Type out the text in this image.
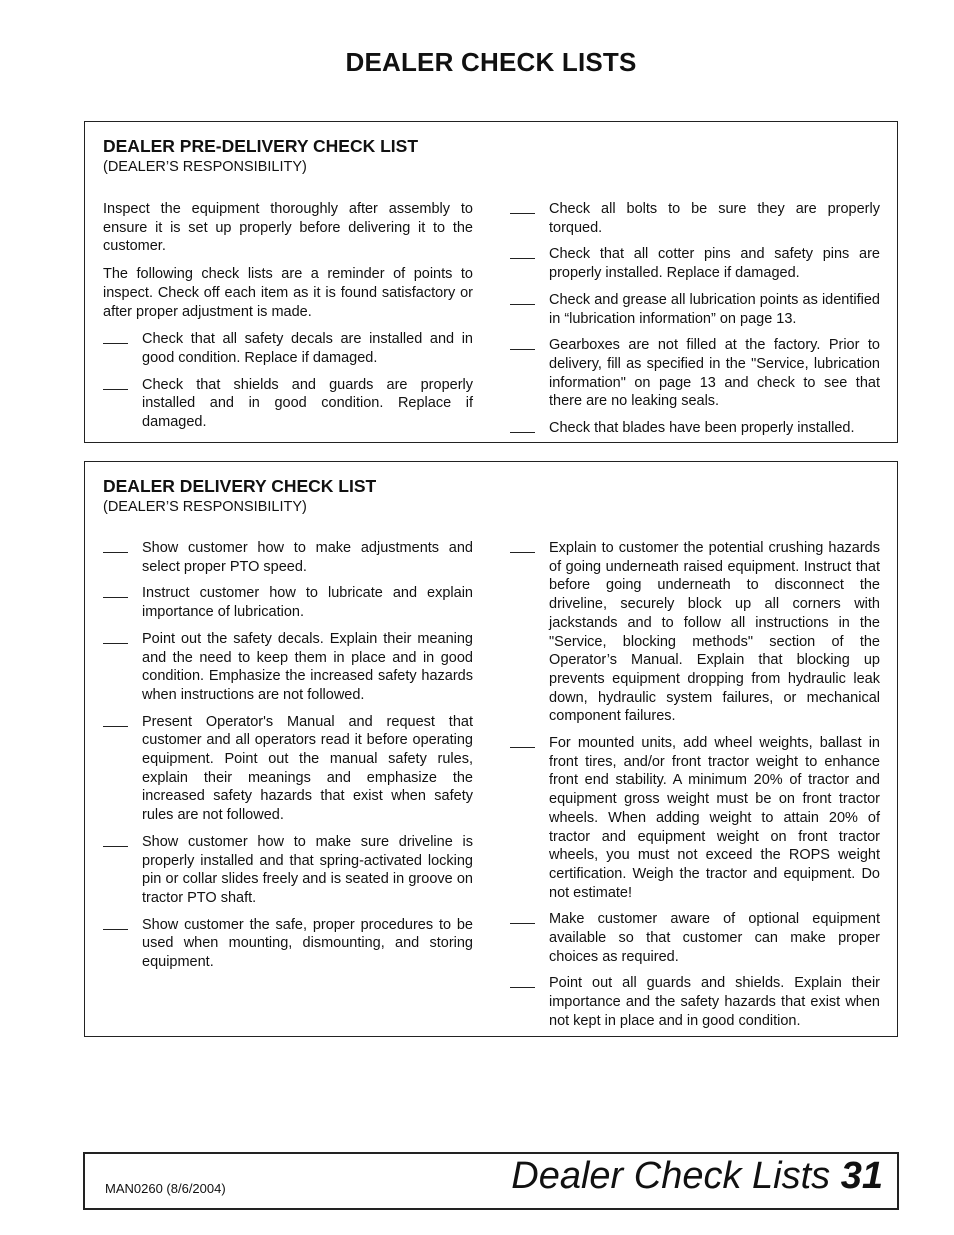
DEALER CHECK LISTS
DEALER PRE-DELIVERY CHECK LIST
(DEALER’S RESPONSIBILITY)

Inspect the equipment thoroughly after assembly to ensure it is set up properly before delivering it to the customer.

The following check lists are a reminder of points to inspect. Check off each item as it is found satisfactory or after proper adjustment is made.

Check that all safety decals are installed and in good condition. Replace if damaged.
Check that shields and guards are properly installed and in good condition. Replace if damaged.
Check all bolts to be sure they are properly torqued.
Check that all cotter pins and safety pins are properly installed. Replace if damaged.
Check and grease all lubrication points as identified in “lubrication information” on page 13.
Gearboxes are not filled at the factory. Prior to delivery, fill as specified in the "Service, lubrication information" on page 13 and check to see that there are no leaking seals.
Check that blades have been properly installed.
DEALER DELIVERY CHECK LIST
(DEALER’S RESPONSIBILITY)
Show customer how to make adjustments and select proper PTO speed.
Instruct customer how to lubricate and explain importance of lubrication.
Point out the safety decals. Explain their meaning and the need to keep them in place and in good condition. Emphasize the increased safety hazards when instructions are not followed.
Present Operator's Manual and request that customer and all operators read it before operating equipment. Point out the manual safety rules, explain their meanings and emphasize the increased safety hazards that exist when safety rules are not followed.
Show customer how to make sure driveline is properly installed and that spring-activated locking pin or collar slides freely and is seated in groove on tractor PTO shaft.
Show customer the safe, proper procedures to be used when mounting, dismounting, and storing equipment.
Explain to customer the potential crushing hazards of going underneath raised equipment. Instruct that before going underneath to disconnect the driveline, securely block up all corners with jackstands and to follow all instructions in the "Service, blocking methods" section of the Operator’s Manual. Explain that blocking up prevents equipment dropping from hydraulic leak down, hydraulic system failures, or mechanical component failures.
For mounted units, add wheel weights, ballast in front tires, and/or front tractor weight to enhance front end stability. A minimum 20% of tractor and equipment gross weight must be on front tractor wheels. When adding weight to attain 20% of tractor and equipment weight on front tractor wheels, you must not exceed the ROPS weight certification. Weigh the tractor and equipment. Do not estimate!
Make customer aware of optional equipment available so that customer can make proper choices as required.
Point out all guards and shields. Explain their importance and the safety hazards that exist when not kept in place and in good condition.
MAN0260 (8/6/2004)	Dealer Check Lists 31
